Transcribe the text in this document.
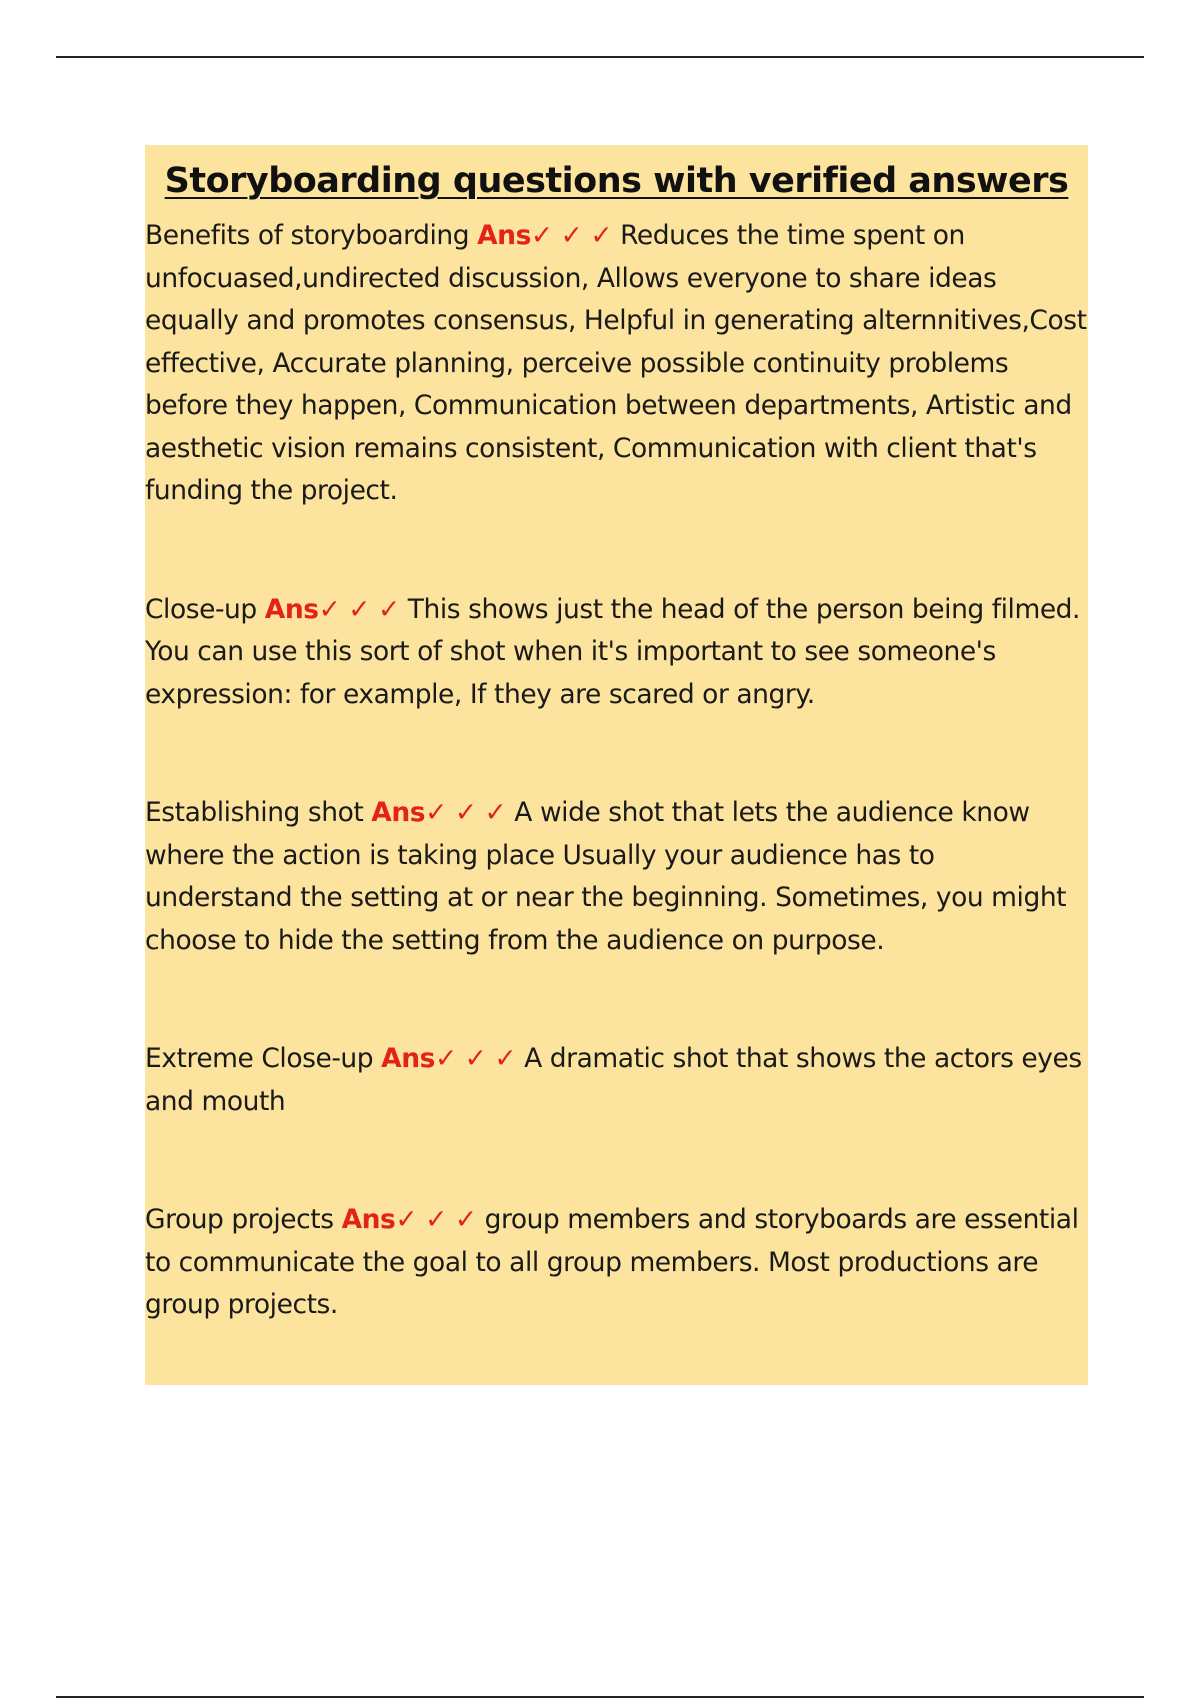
Storyboarding questions with verified answers

Benefits of storyboarding Ans✓ ✓ ✓ Reduces the time spent on unfocuased,undirected discussion, Allows everyone to share ideas equally and promotes consensus, Helpful in generating alternnitives,Cost effective, Accurate planning, perceive possible continuity problems before they happen, Communication between departments, Artistic and aesthetic vision remains consistent, Communication with client that's funding the project.

Close-up Ans✓ ✓ ✓ This shows just the head of the person being filmed. You can use this sort of shot when it's important to see someone's expression: for example, If they are scared or angry.

Establishing shot Ans✓ ✓ ✓ A wide shot that lets the audience know where the action is taking place Usually your audience has to understand the setting at or near the beginning. Sometimes, you might choose to hide the setting from the audience on purpose.

Extreme Close-up Ans✓ ✓ ✓ A dramatic shot that shows the actors eyes and mouth

Group projects Ans✓ ✓ ✓ group members and storyboards are essential to communicate the goal to all group members. Most productions are group projects.
